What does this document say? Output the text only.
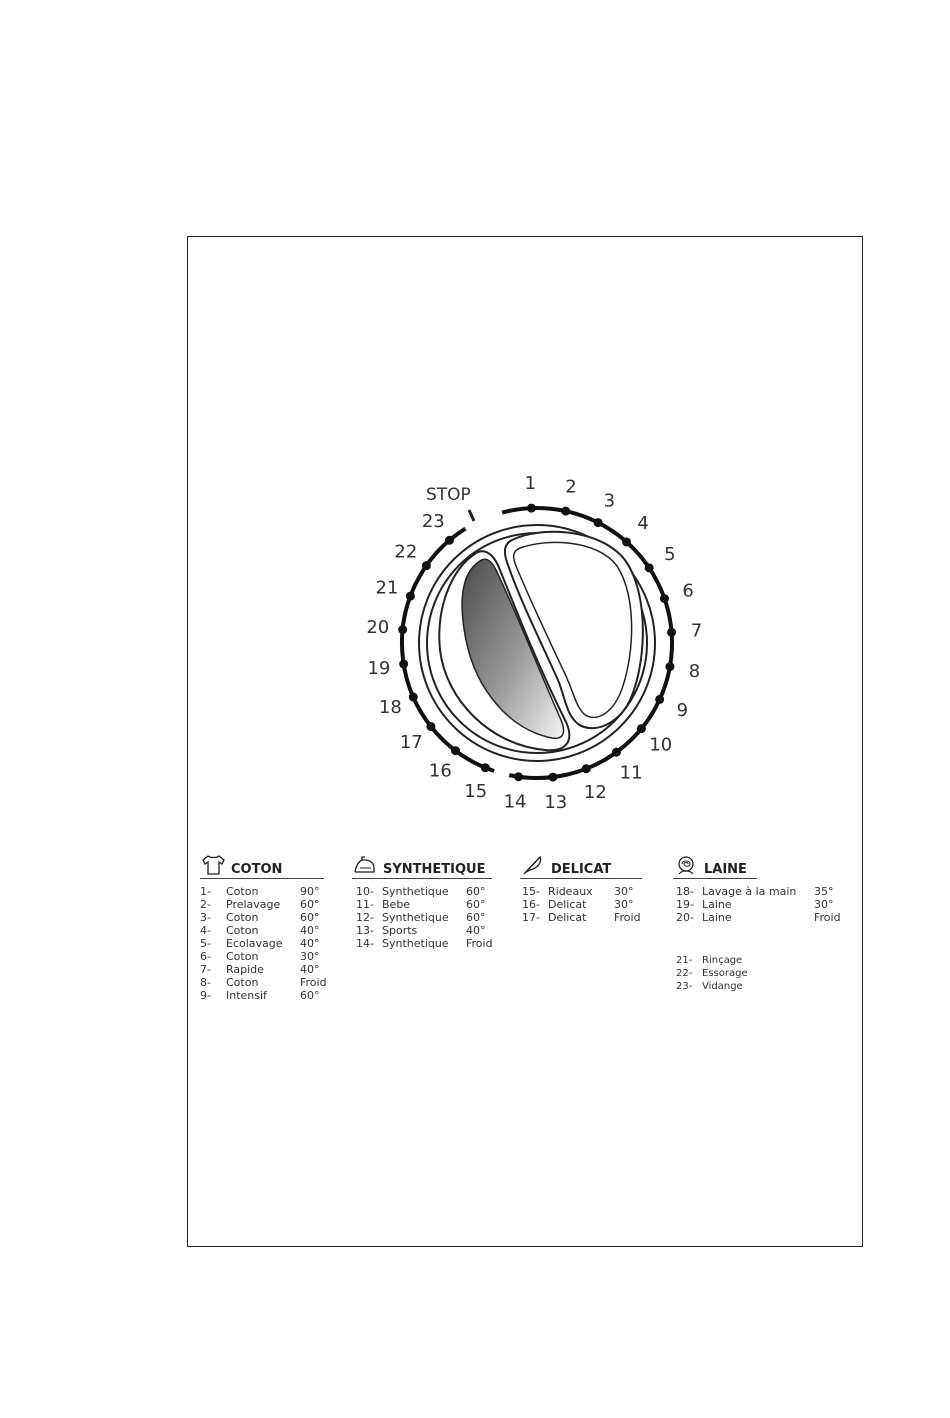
STOP
1 2
3
4
5
6
7
8
9
10
11
12
13
14
15
16
17
18
19
20
21
22
23
COTON
1- Coton	90°
2- Prelavage 60°
3- Coton	60°
4- Coton	40°
5- Ecolavage 40°
6- Coton	30°
7- Rapide	40°
8- Coton	Froid
9- Intensif	60°
SYNTHETIQUE
10- Synthetique 60°
11- Bebe	60°
12- Synthetique 60°
13- Sports	40°
14- Synthetique Froid
DELICAT
15- Rideaux 30°
16- Delicat	30°
17- Delicat	Froid
LAINE
18- Lavage à la main 35°
19- Laine	30°
20- Laine	Froid
21- Rinçage
22- Essorage
23- Vidange
